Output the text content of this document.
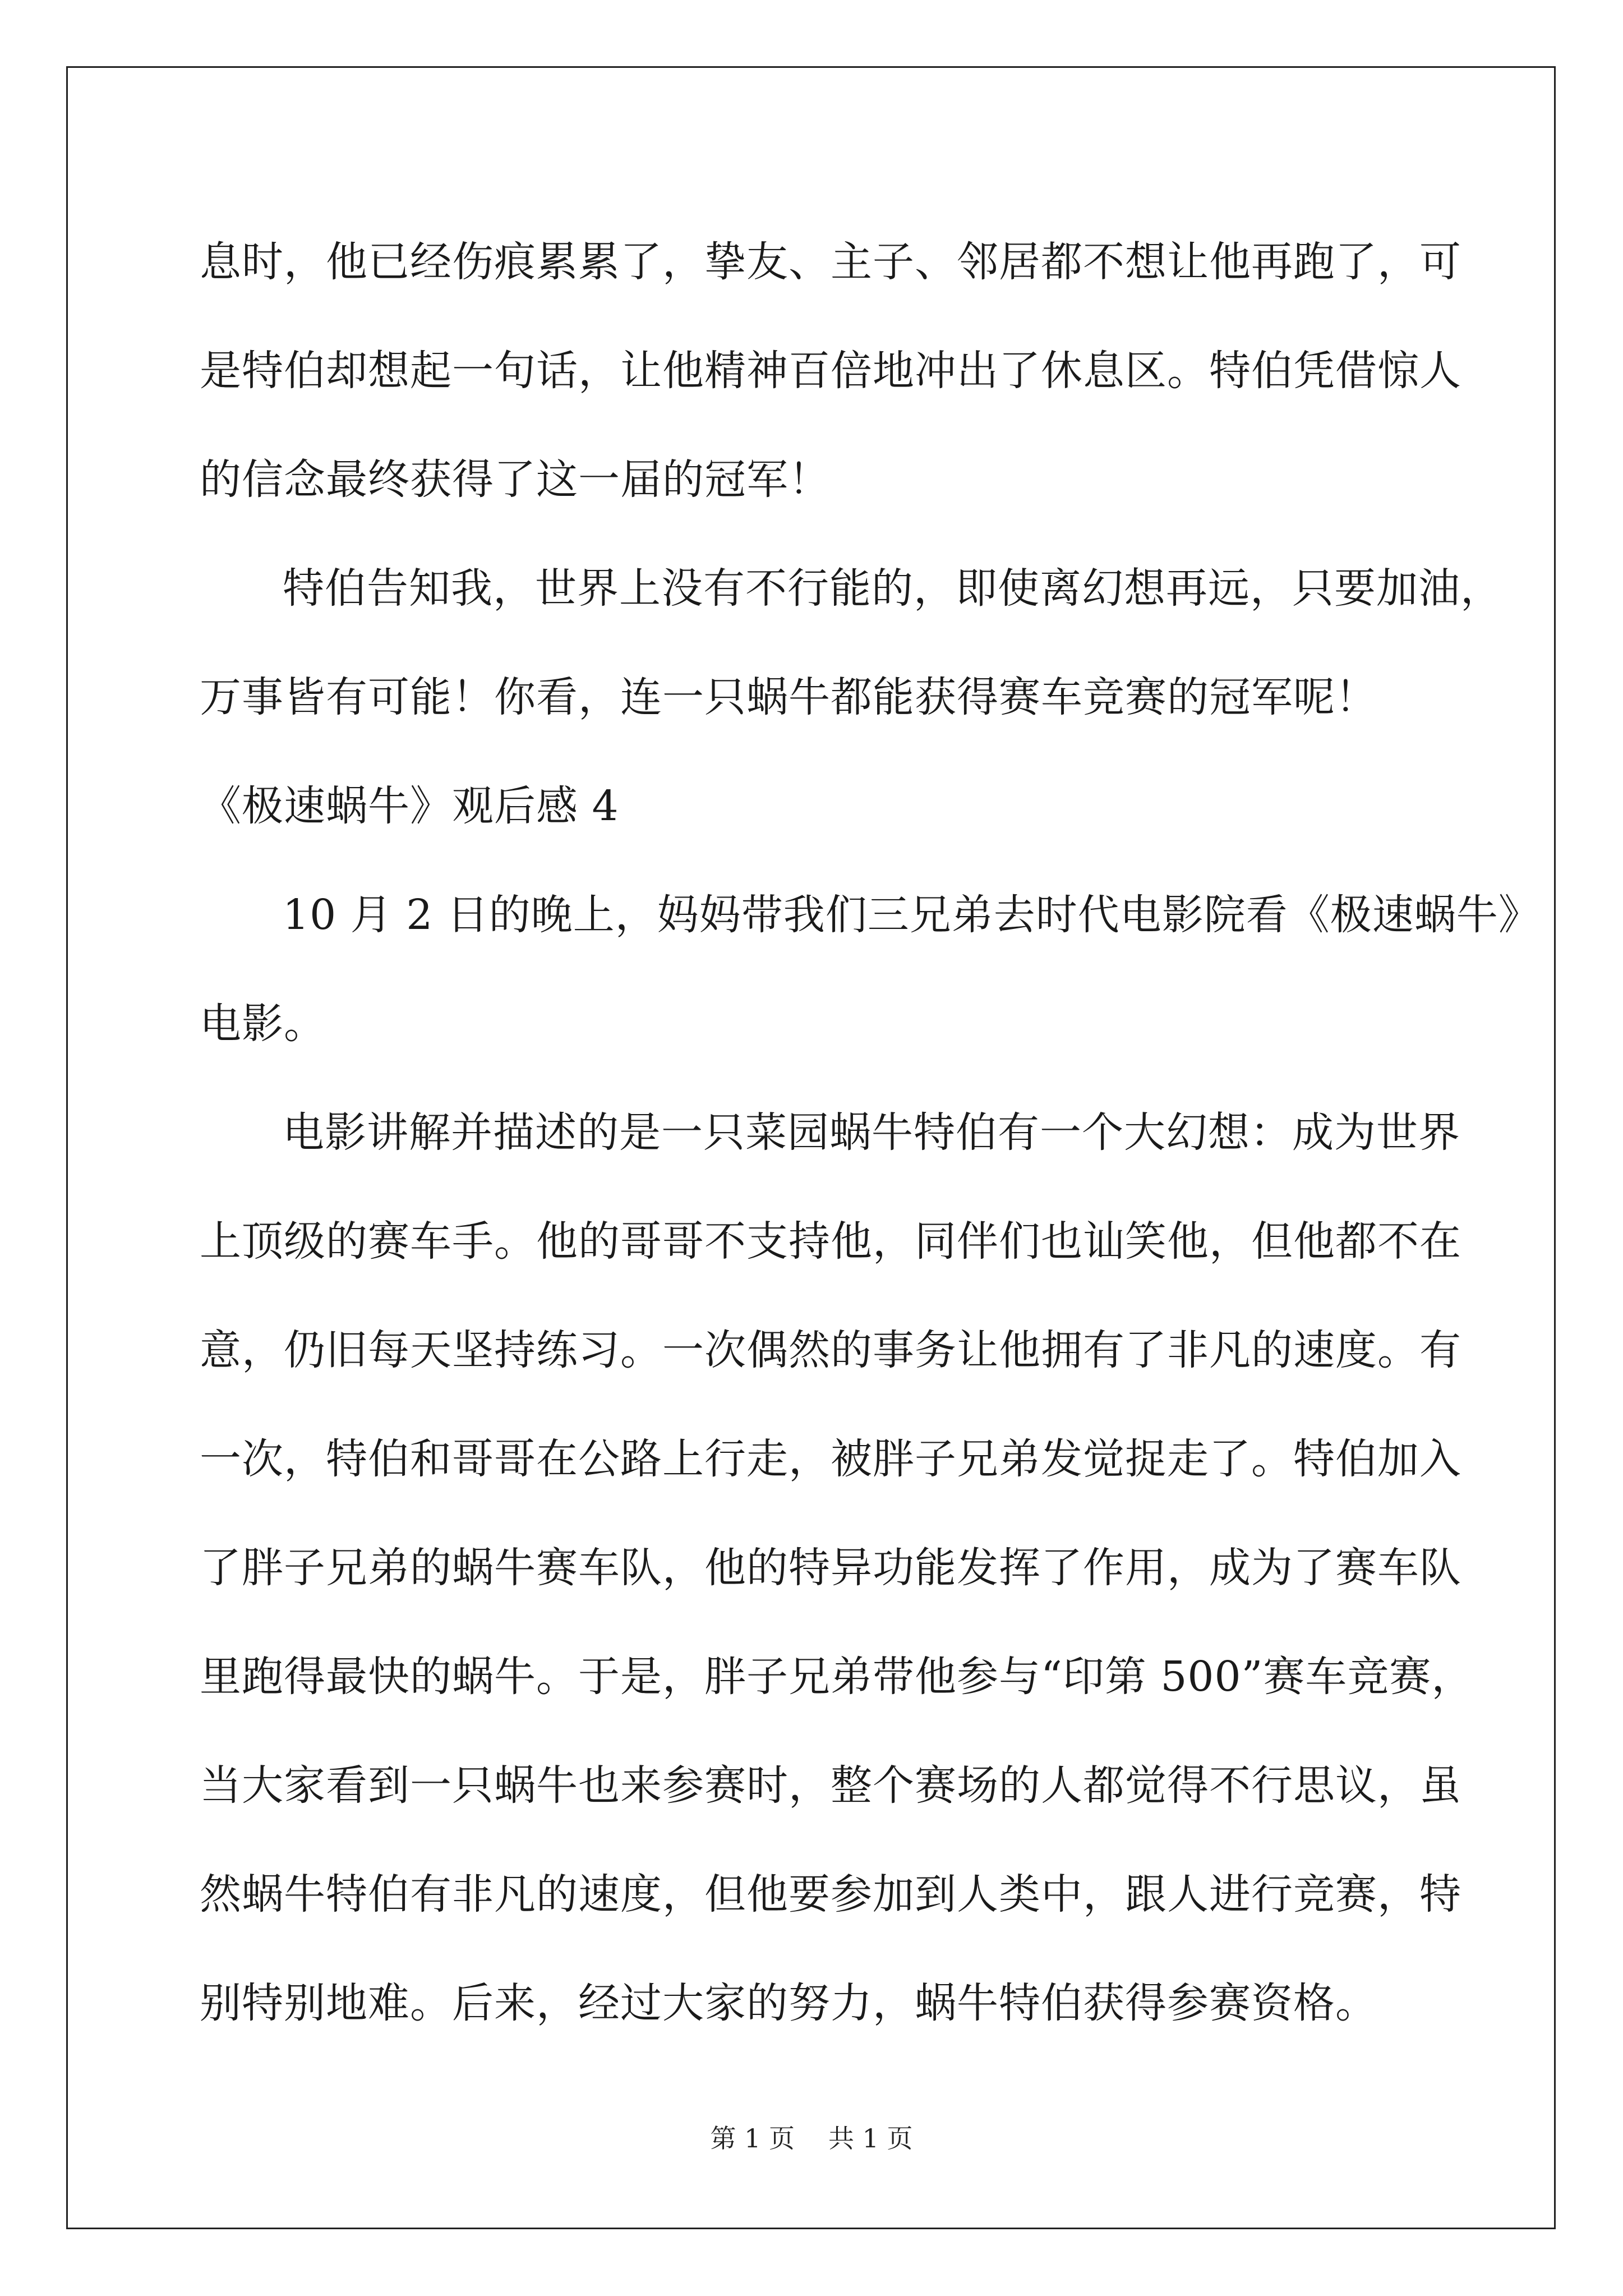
息时，他已经伤痕累累了，挚友、主子、邻居都不想让他再跑了，可
是特伯却想起一句话，让他精神百倍地冲出了休息区。特伯凭借惊人
的信念最终获得了这一届的冠军！
特伯告知我，世界上没有不行能的，即使离幻想再远，只要加油，
万事皆有可能！你看，连一只蜗牛都能获得赛车竞赛的冠军呢！
《极速蜗牛》观后感 4
10 月 2 日的晚上，妈妈带我们三兄弟去时代电影院看《极速蜗牛》
电影。
电影讲解并描述的是一只菜园蜗牛特伯有一个大幻想：成为世界
上顶级的赛车手。他的哥哥不支持他，同伴们也讪笑他，但他都不在
意，仍旧每天坚持练习。一次偶然的事务让他拥有了非凡的速度。有
一次，特伯和哥哥在公路上行走，被胖子兄弟发觉捉走了。特伯加入
了胖子兄弟的蜗牛赛车队，他的特异功能发挥了作用，成为了赛车队
里跑得最快的蜗牛。于是，胖子兄弟带他参与“印第 500”赛车竞赛，
当大家看到一只蜗牛也来参赛时，整个赛场的人都觉得不行思议，虽
然蜗牛特伯有非凡的速度，但他要参加到人类中，跟人进行竞赛，特
别特别地难。后来，经过大家的努力，蜗牛特伯获得参赛资格。
第 1 页 共 1 页
